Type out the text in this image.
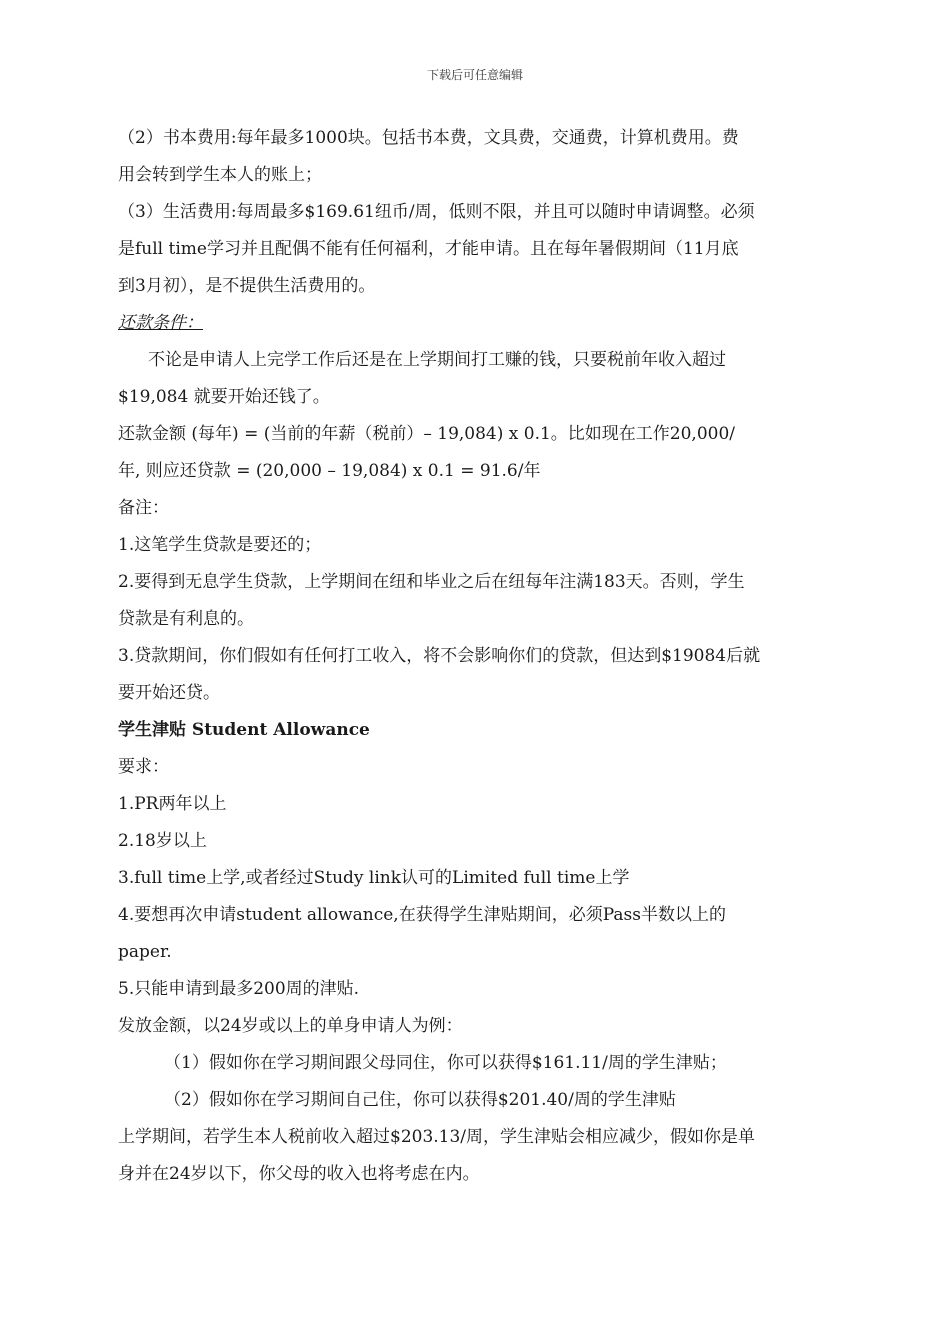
下载后可任意编辑

（2）书本费用:每年最多1000块。包括书本费，文具费，交通费，计算机费用。费

用会转到学生本人的账上；

（3）生活费用:每周最多$169.61纽币/周，低则不限，并且可以随时申请调整。必须

是full time学习并且配偶不能有任何福利，才能申请。且在每年暑假期间（11月底

到3月初），是不提供生活费用的。

还款条件：

不论是申请人上完学工作后还是在上学期间打工赚的钱，只要税前年收入超过

$19,084 就要开始还钱了。

还款金额 (每年) = (当前的年薪（税前）– 19,084) x 0.1。比如现在工作20,000/

年, 则应还贷款 = (20,000 – 19,084) x 0.1 = 91.6/年

备注：

1.这笔学生贷款是要还的；

2.要得到无息学生贷款，上学期间在纽和毕业之后在纽每年注满183天。否则，学生

贷款是有利息的。

3.贷款期间，你们假如有任何打工收入，将不会影响你们的贷款，但达到$19084后就

要开始还贷。

学生津贴 Student Allowance

要求：

1.PR两年以上

2.18岁以上

3.full time上学,或者经过Study link认可的Limited full time上学

4.要想再次申请student allowance,在获得学生津贴期间，必须Pass半数以上的

paper.

5.只能申请到最多200周的津贴.

发放金额，以24岁或以上的单身申请人为例：

（1）假如你在学习期间跟父母同住，你可以获得$161.11/周的学生津贴；

（2）假如你在学习期间自己住，你可以获得$201.40/周的学生津贴

上学期间，若学生本人税前收入超过$203.13/周，学生津贴会相应减少，假如你是单

身并在24岁以下，你父母的收入也将考虑在内。
